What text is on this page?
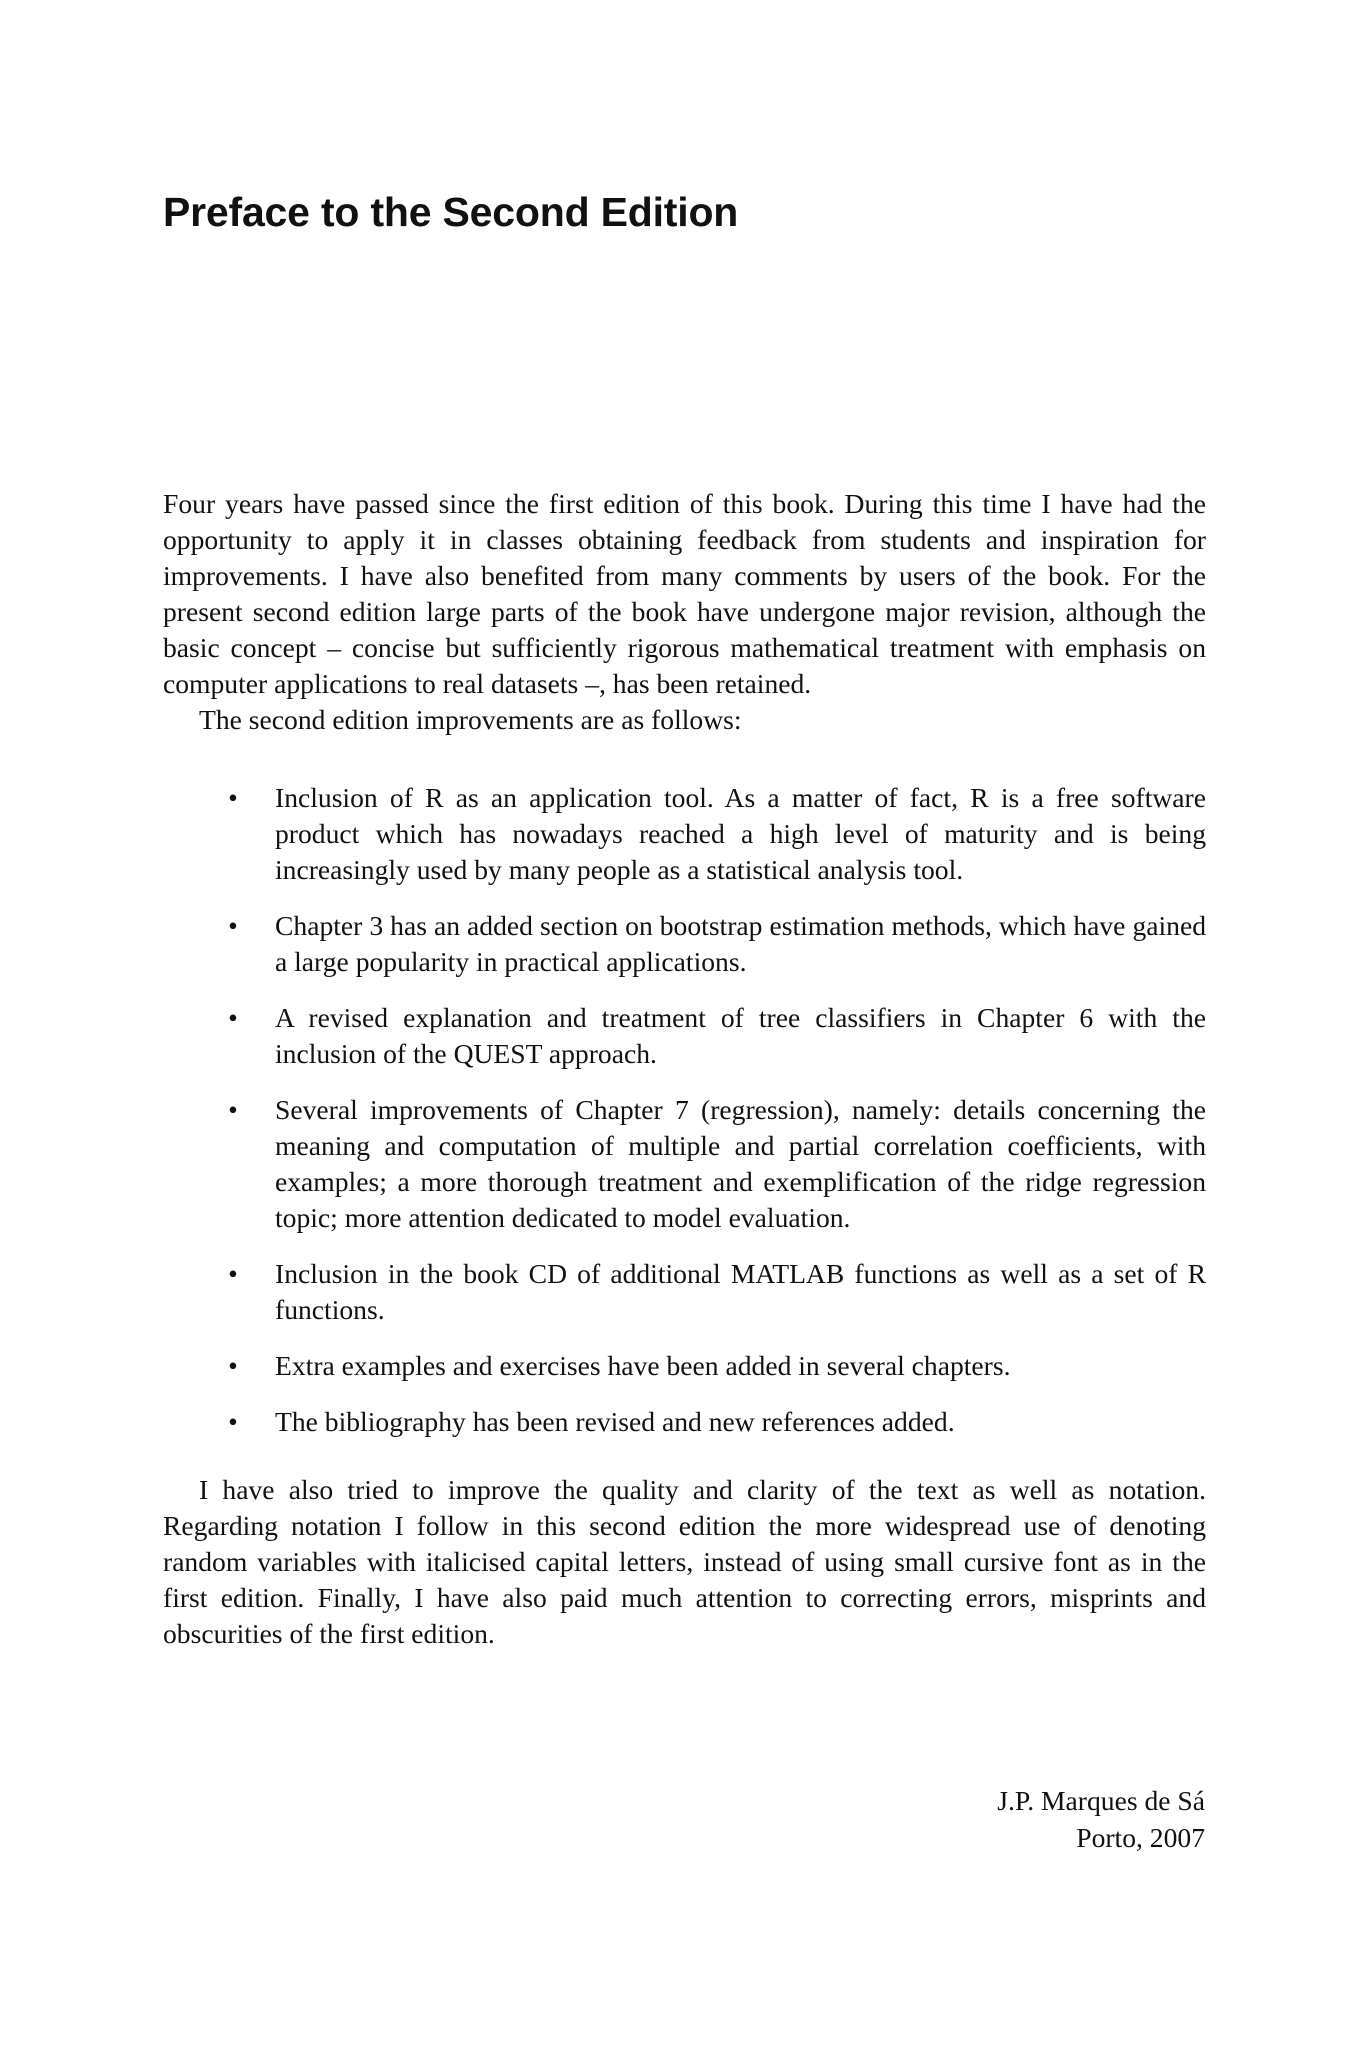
Preface to the Second Edition

Four years have passed since the first edition of this book. During this time I have had the opportunity to apply it in classes obtaining feedback from students and inspiration for improvements. I have also benefited from many comments by users of the book. For the present second edition large parts of the book have undergone major revision, although the basic concept – concise but sufficiently rigorous mathematical treatment with emphasis on computer applications to real datasets –, has been retained.

The second edition improvements are as follows:

• Inclusion of R as an application tool. As a matter of fact, R is a free software product which has nowadays reached a high level of maturity and is being increasingly used by many people as a statistical analysis tool.
• Chapter 3 has an added section on bootstrap estimation methods, which have gained a large popularity in practical applications.
• A revised explanation and treatment of tree classifiers in Chapter 6 with the inclusion of the QUEST approach.
• Several improvements of Chapter 7 (regression), namely: details concerning the meaning and computation of multiple and partial correlation coefficients, with examples; a more thorough treatment and exemplification of the ridge regression topic; more attention dedicated to model evaluation.
• Inclusion in the book CD of additional MATLAB functions as well as a set of R functions.
• Extra examples and exercises have been added in several chapters.
• The bibliography has been revised and new references added.

I have also tried to improve the quality and clarity of the text as well as notation. Regarding notation I follow in this second edition the more widespread use of denoting random variables with italicised capital letters, instead of using small cursive font as in the first edition. Finally, I have also paid much attention to correcting errors, misprints and obscurities of the first edition.

J.P. Marques de Sá
Porto, 2007
